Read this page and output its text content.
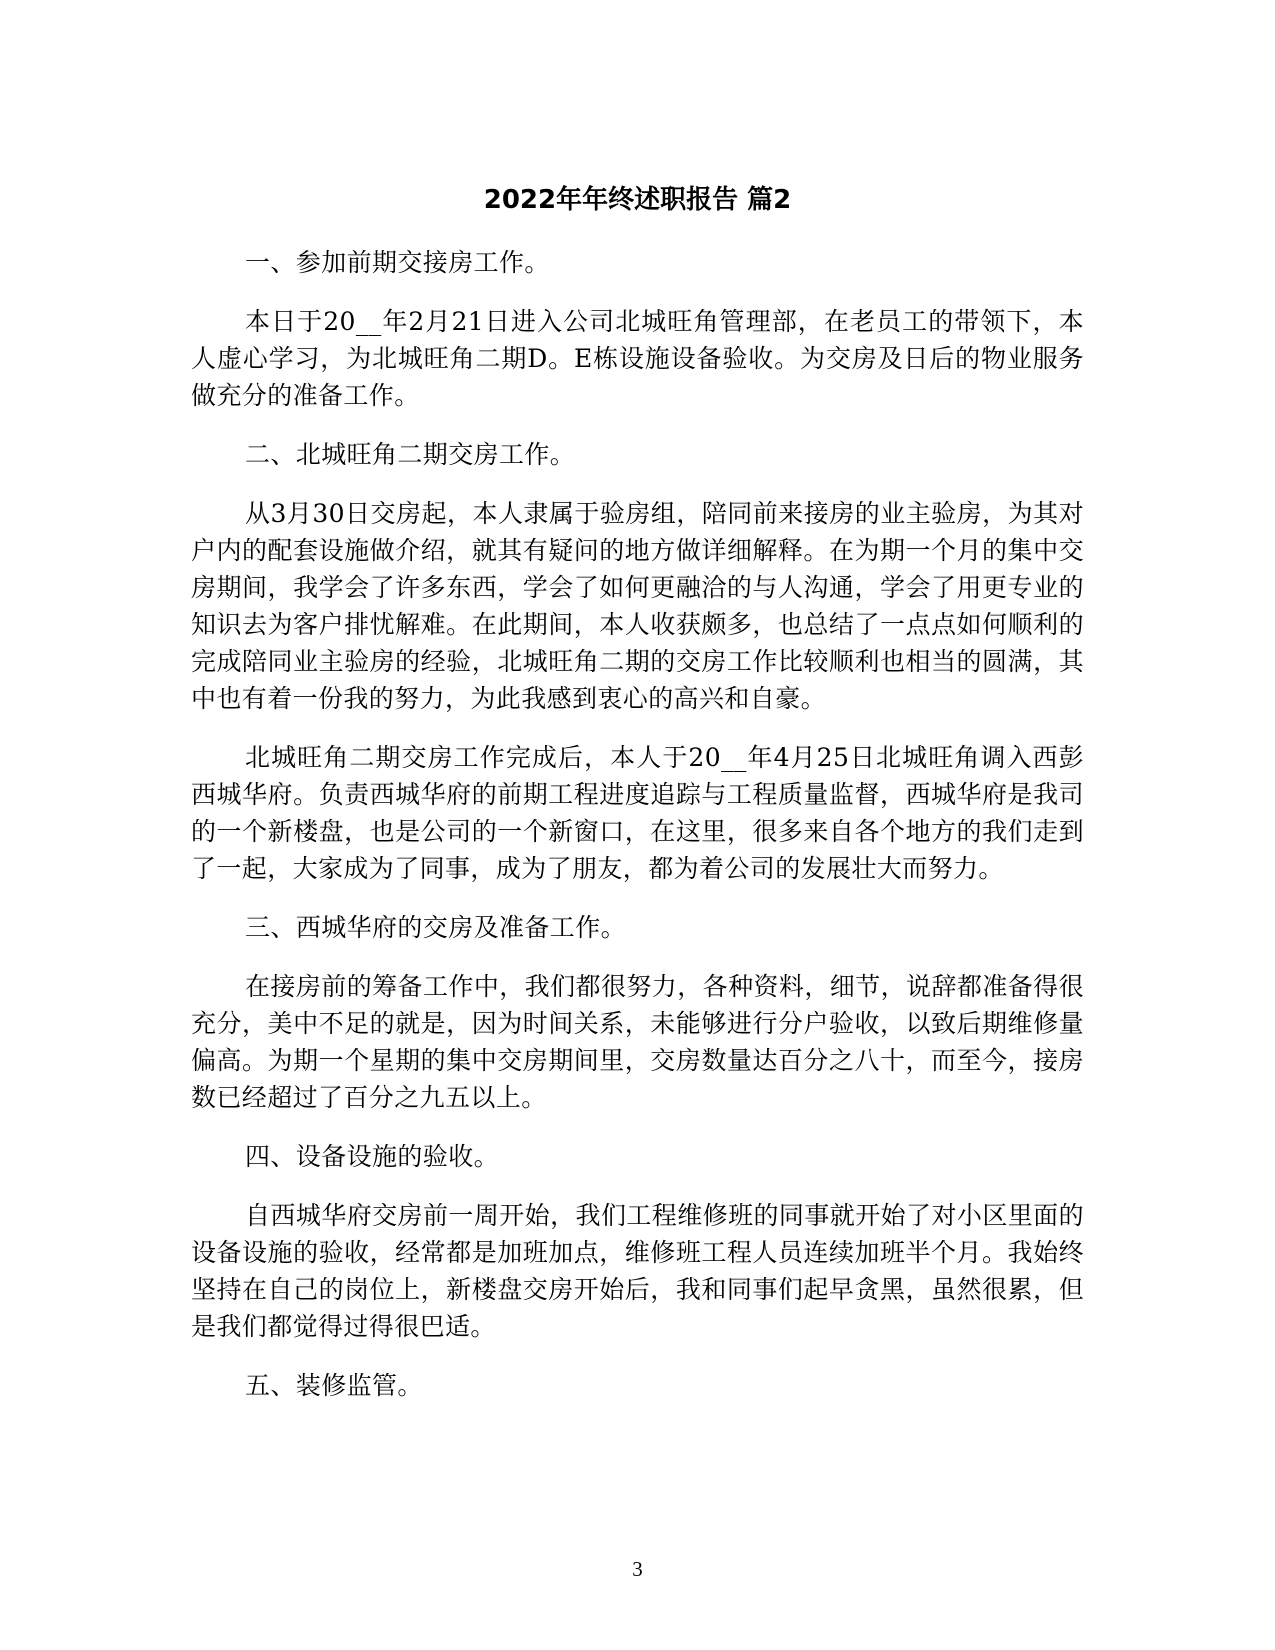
2022年年终述职报告 篇2

一、参加前期交接房工作。

本日于20__年2月21日进入公司北城旺角管理部，在老员工的带领下，本人虚心学习，为北城旺角二期D。E栋设施设备验收。为交房及日后的物业服务做充分的准备工作。

二、北城旺角二期交房工作。

从3月30日交房起，本人隶属于验房组，陪同前来接房的业主验房，为其对户内的配套设施做介绍，就其有疑问的地方做详细解释。在为期一个月的集中交房期间，我学会了许多东西，学会了如何更融洽的与人沟通，学会了用更专业的知识去为客户排忧解难。在此期间，本人收获颇多，也总结了一点点如何顺利的完成陪同业主验房的经验，北城旺角二期的交房工作比较顺利也相当的圆满，其中也有着一份我的努力，为此我感到衷心的高兴和自豪。

北城旺角二期交房工作完成后，本人于20__年4月25日北城旺角调入西彭西城华府。负责西城华府的前期工程进度追踪与工程质量监督，西城华府是我司的一个新楼盘，也是公司的一个新窗口，在这里，很多来自各个地方的我们走到了一起，大家成为了同事，成为了朋友，都为着公司的发展壮大而努力。

三、西城华府的交房及准备工作。

在接房前的筹备工作中，我们都很努力，各种资料，细节，说辞都准备得很充分，美中不足的就是，因为时间关系，未能够进行分户验收，以致后期维修量偏高。为期一个星期的集中交房期间里，交房数量达百分之八十，而至今，接房数已经超过了百分之九五以上。

四、设备设施的验收。

自西城华府交房前一周开始，我们工程维修班的同事就开始了对小区里面的设备设施的验收，经常都是加班加点，维修班工程人员连续加班半个月。我始终坚持在自己的岗位上，新楼盘交房开始后，我和同事们起早贪黑，虽然很累，但是我们都觉得过得很巴适。

五、装修监管。

3
